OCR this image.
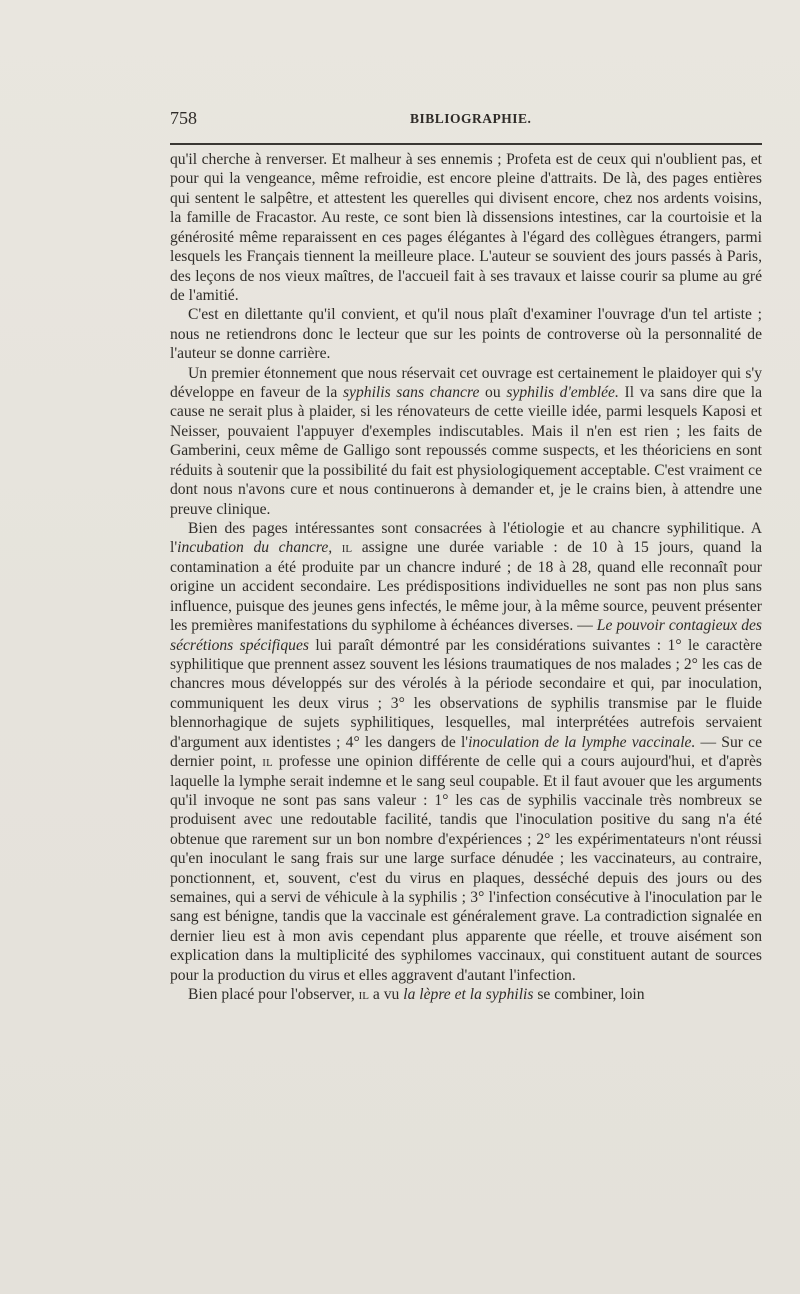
758	BIBLIOGRAPHIE.

qu'il cherche à renverser. Et malheur à ses ennemis ; Profeta est de ceux qui n'oublient pas, et pour qui la vengeance, même refroidie, est encore pleine d'attraits. De là, des pages entières qui sentent le salpêtre, et attestent les querelles qui divisent encore, chez nos ardents voisins, la famille de Fracastor. Au reste, ce sont bien là dissensions intestines, car la courtoisie et la générosité même reparaissent en ces pages élégantes à l'égard des collègues étrangers, parmi lesquels les Français tiennent la meilleure place. L'auteur se souvient des jours passés à Paris, des leçons de nos vieux maîtres, de l'accueil fait à ses travaux et laisse courir sa plume au gré de l'amitié.

C'est en dilettante qu'il convient, et qu'il nous plaît d'examiner l'ouvrage d'un tel artiste ; nous ne retiendrons donc le lecteur que sur les points de controverse où la personnalité de l'auteur se donne carrière.

Un premier étonnement que nous réservait cet ouvrage est certainement le plaidoyer qui s'y développe en faveur de la syphilis sans chancre ou syphilis d'emblée. Il va sans dire que la cause ne serait plus à plaider, si les rénovateurs de cette vieille idée, parmi lesquels Kaposi et Neisser, pouvaient l'appuyer d'exemples indiscutables. Mais il n'en est rien ; les faits de Gamberini, ceux même de Galligo sont repoussés comme suspects, et les théoriciens en sont réduits à soutenir que la possibilité du fait est physiologiquement acceptable. C'est vraiment ce dont nous n'avons cure et nous continuerons à demander et, je le crains bien, à attendre une preuve clinique.

Bien des pages intéressantes sont consacrées à l'étiologie et au chancre syphilitique. A l'incubation du chancre, il assigne une durée variable : de 10 à 15 jours, quand la contamination a été produite par un chancre induré ; de 18 à 28, quand elle reconnaît pour origine un accident secondaire. Les prédispositions individuelles ne sont pas non plus sans influence, puisque des jeunes gens infectés, le même jour, à la même source, peuvent présenter les premières manifestations du syphilome à échéances diverses. — Le pouvoir contagieux des sécrétions spécifiques lui paraît démontré par les considérations suivantes : 1° le caractère syphilitique que prennent assez souvent les lésions traumatiques de nos malades ; 2° les cas de chancres mous développés sur des vérolés à la période secondaire et qui, par inoculation, communiquent les deux virus ; 3° les observations de syphilis transmise par le fluide blennorhagique de sujets syphilitiques, lesquelles, mal interprétées autrefois servaient d'argument aux identistes ; 4° les dangers de l'inoculation de la lymphe vaccinale. — Sur ce dernier point, il professe une opinion différente de celle qui a cours aujourd'hui, et d'après laquelle la lymphe serait indemne et le sang seul coupable. Et il faut avouer que les arguments qu'il invoque ne sont pas sans valeur : 1° les cas de syphilis vaccinale très nombreux se produisent avec une redoutable facilité, tandis que l'inoculation positive du sang n'a été obtenue que rarement sur un bon nombre d'expériences ; 2° les expérimentateurs n'ont réussi qu'en inoculant le sang frais sur une large surface dénudée ; les vaccinateurs, au contraire, ponctionnent, et, souvent, c'est du virus en plaques, desséché depuis des jours ou des semaines, qui a servi de véhicule à la syphilis ; 3° l'infection consécutive à l'inoculation par le sang est bénigne, tandis que la vaccinale est généralement grave. La contradiction signalée en dernier lieu est à mon avis cependant plus apparente que réelle, et trouve aisément son explication dans la multiplicité des syphilomes vaccinaux, qui constituent autant de sources pour la production du virus et elles aggravent d'autant l'infection.

Bien placé pour l'observer, il a vu la lèpre et la syphilis se combiner, loin
